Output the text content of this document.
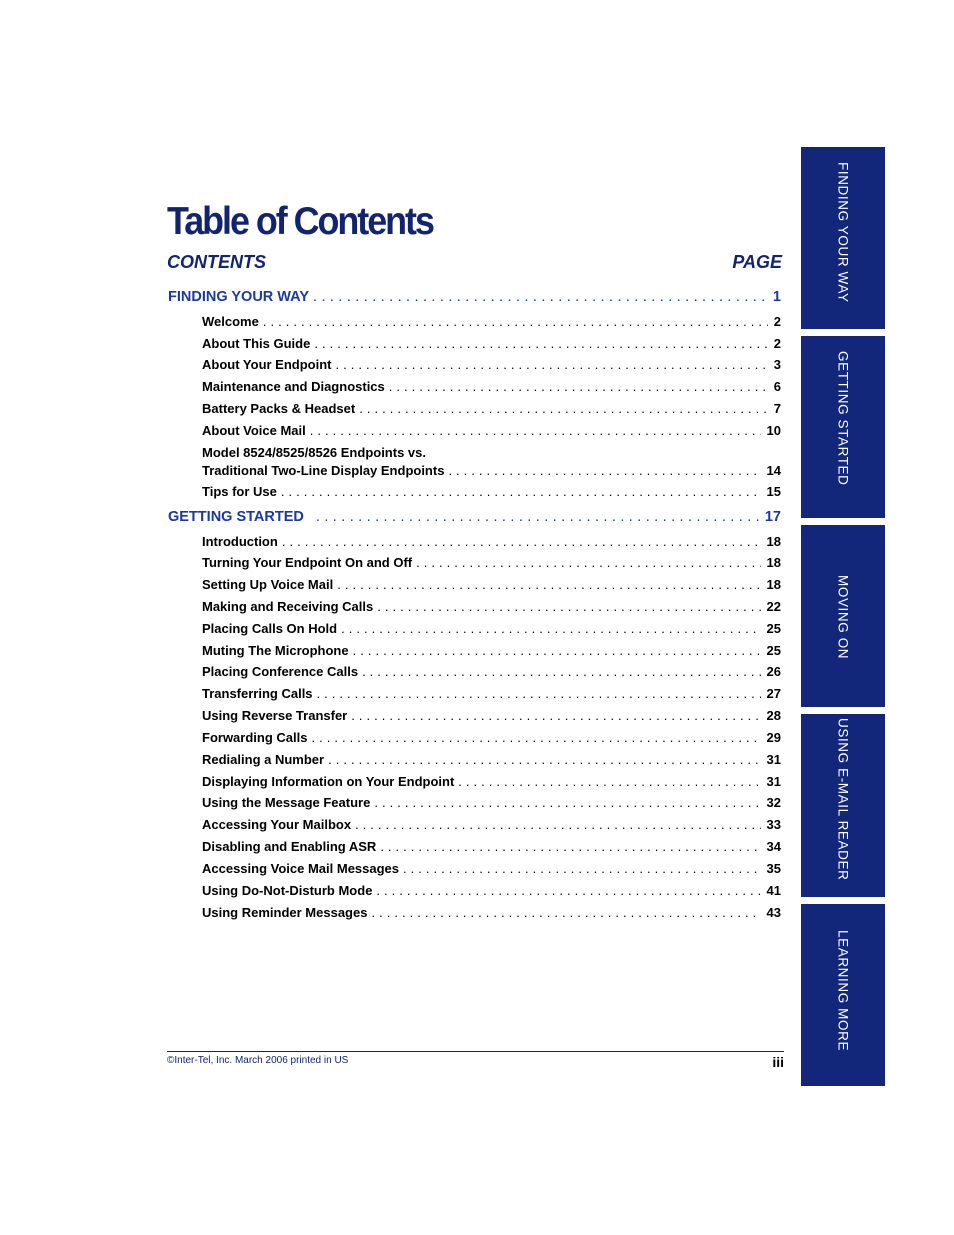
Table of Contents
CONTENTS	PAGE
FINDING YOUR WAY . . .	1
Welcome . . .	2
About This Guide . . .	2
About Your Endpoint . . .	3
Maintenance and Diagnostics . . .	6
Battery Packs & Headset . . .	7
About Voice Mail . . .	10
Model 8524/8525/8526 Endpoints vs.
Traditional Two-Line Display Endpoints . . .	14
Tips for Use . . .	15
GETTING STARTED . . .	17
Introduction . . .	18
Turning Your Endpoint On and Off . . .	18
Setting Up Voice Mail . . .	18
Making and Receiving Calls . . .	22
Placing Calls On Hold . . .	25
Muting The Microphone . . .	25
Placing Conference Calls . . .	26
Transferring Calls . . .	27
Using Reverse Transfer . . .	28
Forwarding Calls . . .	29
Redialing a Number . . .	31
Displaying Information on Your Endpoint . . .	31
Using the Message Feature . . .	32
Accessing Your Mailbox . . .	33
Disabling and Enabling ASR . . .	34
Accessing Voice Mail Messages . . .	35
Using Do-Not-Disturb Mode . . .	41
Using Reminder Messages . . .	43
©Inter-Tel, Inc. March 2006 printed in US	iii
FINDING YOUR WAY
GETTING STARTED
MOVING ON
USING E-MAIL READER
LEARNING MORE
